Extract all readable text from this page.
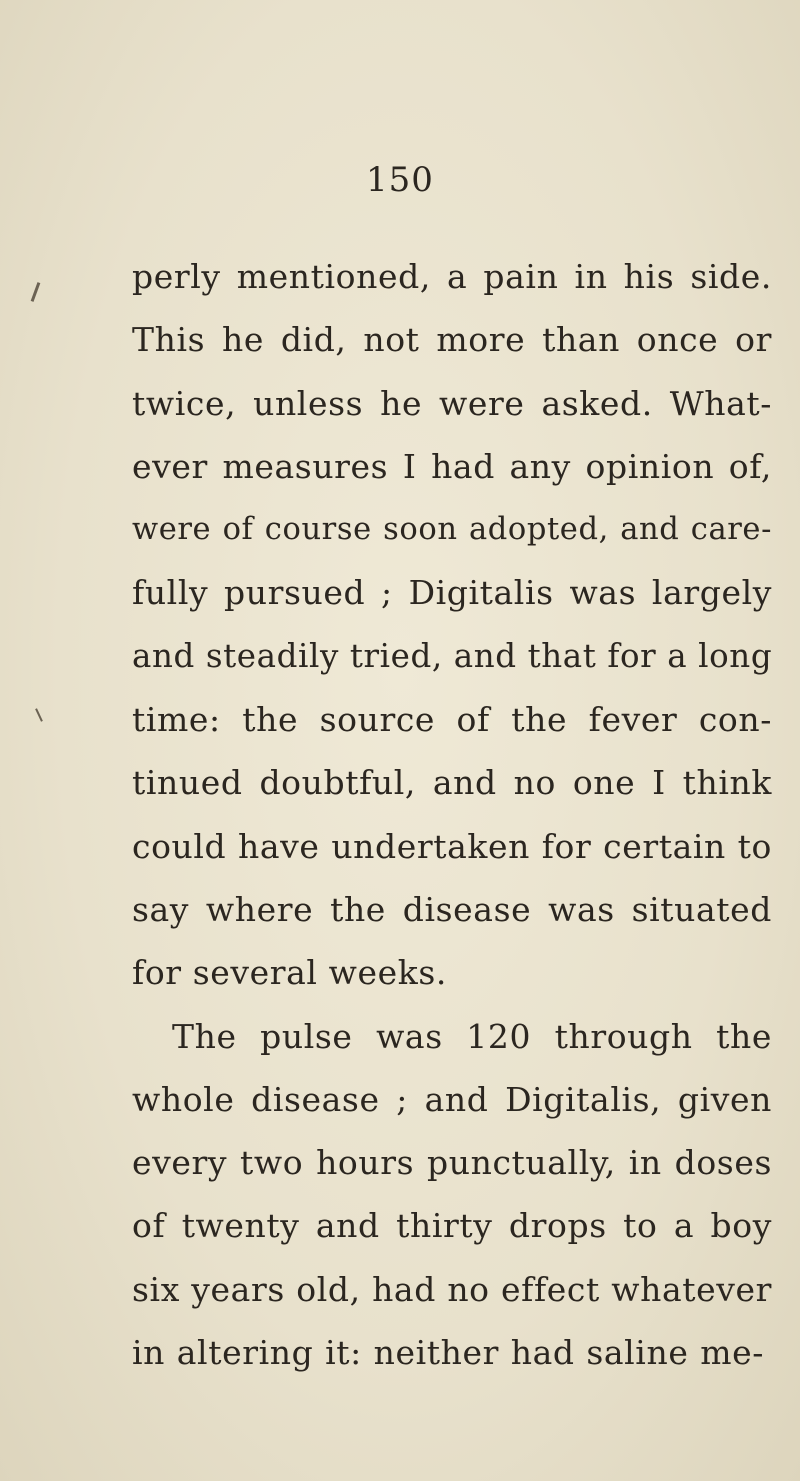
150
perly mentioned, a pain in his side.
This he did, not more than once or
twice, unless he were asked. What-
ever measures I had any opinion of,
were of course soon adopted, and care-
fully pursued ; Digitalis was largely
and steadily tried, and that for a long
time: the source of the fever con-
tinued doubtful, and no one I think
could have undertaken for certain to
say where the disease was situated
for several weeks.
The pulse was 120 through the
whole disease ; and Digitalis, given
every two hours punctually, in doses
of twenty and thirty drops to a boy
six years old, had no effect whatever
in altering it: neither had saline me-
